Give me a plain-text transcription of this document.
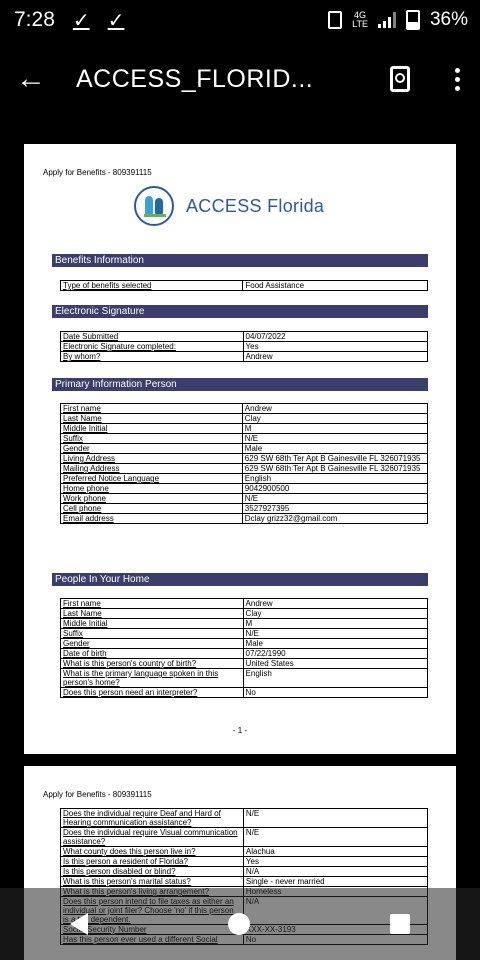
7:28 ✓ ✓	4G
LTE	36%
←	ACCESS_FLORID...
Apply for Benefits - 809391115
ACCESS Florida
Benefits Information
Type of benefits selected	Food Assistance
Electronic Signature
Date Submitted	04/07/2022
Electronic Signature completed:	Yes
By whom?	Andrew
Primary Information Person
First name	Andrew
Last Name	Clay
Middle Initial	M
Suffix	N/E
Gender	Male
Living Address	629 SW 68th Ter Apt B Gainesville FL 326071935
Mailing Address	629 SW 68th Ter Apt B Gainesville FL 326071935
Preferred Notice Language	English
Home phone	9042900500
Work phone	N/E
Cell phone	3527927395
Email address	Dclay grizz32@gmail.com
People In Your Home
First name	Andrew
Last Name	Clay
Middle Initial	M
Suffix	N/E
Gender	Male
Date of birth	07/22/1990
What is this person's country of birth?	United States
What is the primary language spoken in this person's home?	English
Does this person need an interpreter?	No
- 1 -
Apply for Benefits - 809391115
Does the individual require Deaf and Hard of Hearing communication assistance?	N/E
Does the individual require Visual communication assistance?	N/E
What county does this person live in?	Alachua
Is this person a resident of Florida?	Yes
Is this person disabled or blind?	N/A
What is this person's marital status?	Single - never married
